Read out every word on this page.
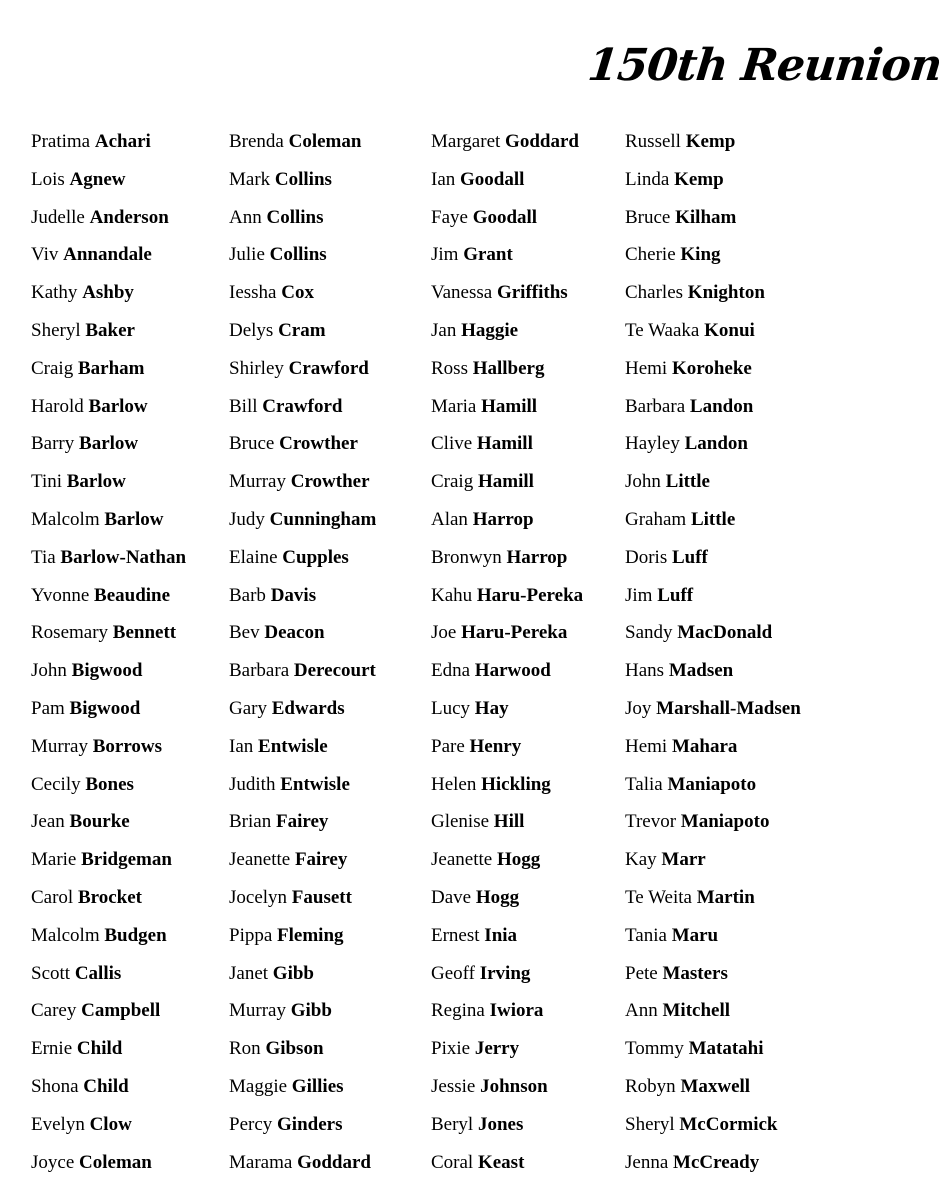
150th Reunion
Pratima Achari
Lois Agnew
Judelle Anderson
Viv Annandale
Kathy Ashby
Sheryl Baker
Craig Barham
Harold Barlow
Barry Barlow
Tini Barlow
Malcolm Barlow
Tia Barlow-Nathan
Yvonne Beaudine
Rosemary Bennett
John Bigwood
Pam Bigwood
Murray Borrows
Cecily Bones
Jean Bourke
Marie Bridgeman
Carol Brocket
Malcolm Budgen
Scott Callis
Carey Campbell
Ernie Child
Shona Child
Evelyn Clow
Joyce Coleman
Brenda Coleman
Mark Collins
Ann Collins
Julie Collins
Iessha Cox
Delys Cram
Shirley Crawford
Bill Crawford
Bruce Crowther
Murray Crowther
Judy Cunningham
Elaine Cupples
Barb Davis
Bev Deacon
Barbara Derecourt
Gary Edwards
Ian Entwisle
Judith Entwisle
Brian Fairey
Jeanette Fairey
Jocelyn Fausett
Pippa Fleming
Janet Gibb
Murray Gibb
Ron Gibson
Maggie Gillies
Percy Ginders
Marama Goddard
Margaret Goddard
Ian Goodall
Faye Goodall
Jim Grant
Vanessa Griffiths
Jan Haggie
Ross Hallberg
Maria Hamill
Clive Hamill
Craig Hamill
Alan Harrop
Bronwyn Harrop
Kahu Haru-Pereka
Joe Haru-Pereka
Edna Harwood
Lucy Hay
Pare Henry
Helen Hickling
Glenise Hill
Jeanette Hogg
Dave Hogg
Ernest Inia
Geoff Irving
Regina Iwiora
Pixie Jerry
Jessie Johnson
Beryl Jones
Coral Keast
Russell Kemp
Linda Kemp
Bruce Kilham
Cherie King
Charles Knighton
Te Waaka Konui
Hemi Koroheke
Barbara Landon
Hayley Landon
John Little
Graham Little
Doris Luff
Jim Luff
Sandy MacDonald
Hans Madsen
Joy Marshall-Madsen
Hemi Mahara
Talia Maniapoto
Trevor Maniapoto
Kay Marr
Te Weita Martin
Tania Maru
Pete Masters
Ann Mitchell
Tommy Matatahi
Robyn Maxwell
Sheryl McCormick
Jenna McCready
